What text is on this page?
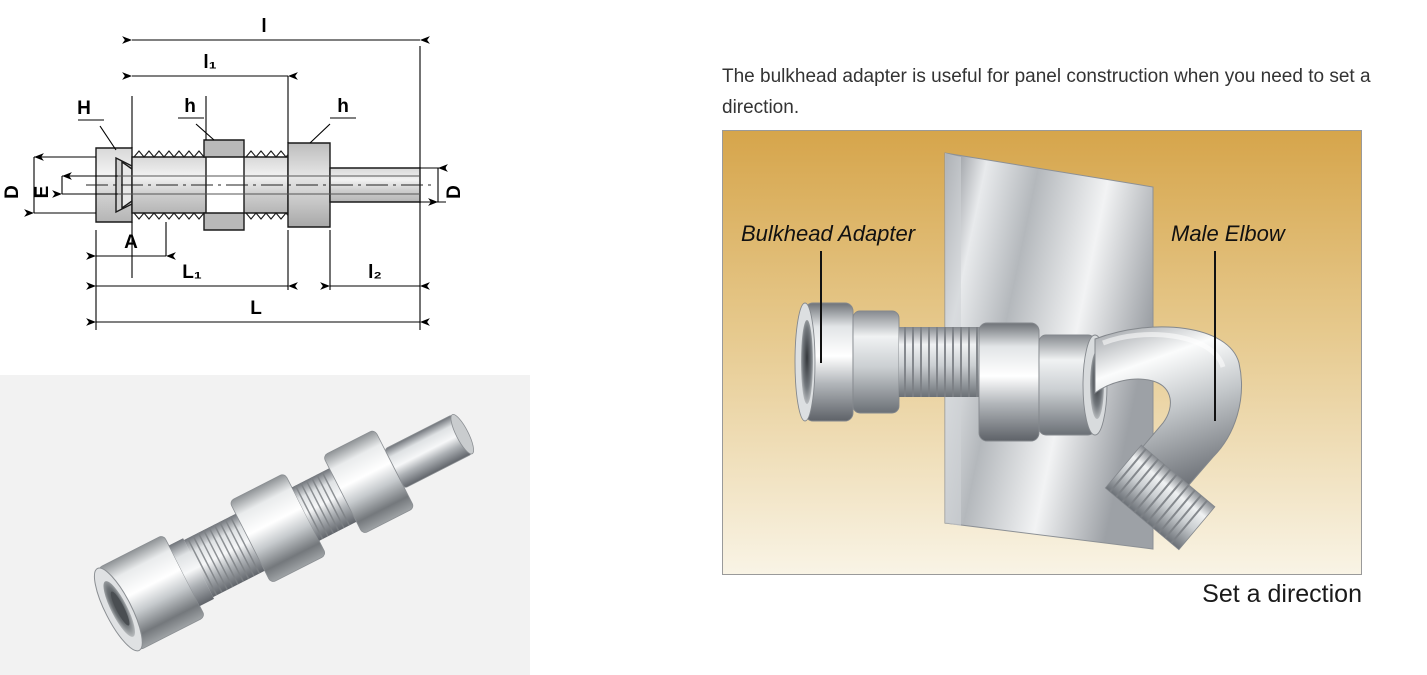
l
l₁
l₂
L₁
L
A
D E	D
H	h	h

The bulkhead adapter is useful for panel construction when you need to set a direction.

Bulkhead Adapter	Male Elbow
Set a direction
